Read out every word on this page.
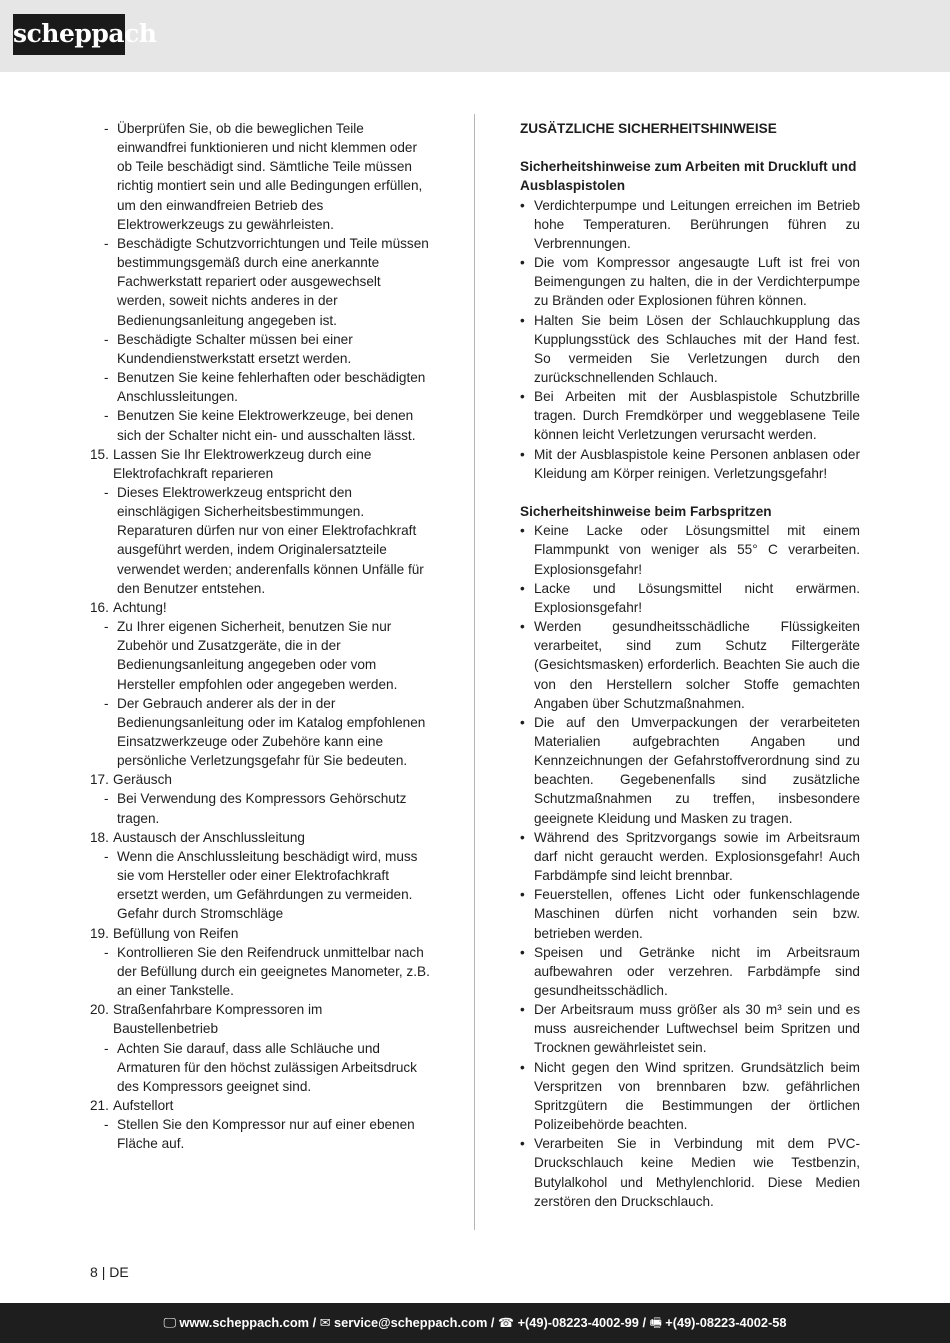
scheppach
- Überprüfen Sie, ob die beweglichen Teile einwandfrei funktionieren und nicht klemmen oder ob Teile beschädigt sind. Sämtliche Teile müssen richtig montiert sein und alle Bedingungen erfüllen, um den einwandfreien Betrieb des Elektrowerkzeugs zu gewährleisten.
- Beschädigte Schutzvorrichtungen und Teile müssen bestimmungsgemäß durch eine anerkannte Fachwerkstatt repariert oder ausgewechselt werden, soweit nichts anderes in der Bedienungsanleitung angegeben ist.
- Beschädigte Schalter müssen bei einer Kundendienstwerkstatt ersetzt werden.
- Benutzen Sie keine fehlerhaften oder beschädigten Anschlussleitungen.
- Benutzen Sie keine Elektrowerkzeuge, bei denen sich der Schalter nicht ein- und ausschalten lässt.
15. Lassen Sie Ihr Elektrowerkzeug durch eine Elektrofachkraft reparieren
- Dieses Elektrowerkzeug entspricht den einschlägigen Sicherheitsbestimmungen. Reparaturen dürfen nur von einer Elektrofachkraft ausgeführt werden, indem Originalersatzteile verwendet werden; anderenfalls können Unfälle für den Benutzer entstehen.
16. Achtung!
- Zu Ihrer eigenen Sicherheit, benutzen Sie nur Zubehör und Zusatzgeräte, die in der Bedienungsanleitung angegeben oder vom Hersteller empfohlen oder angegeben werden.
- Der Gebrauch anderer als der in der Bedienungsanleitung oder im Katalog empfohlenen Einsatzwerkzeuge oder Zubehöre kann eine persönliche Verletzungsgefahr für Sie bedeuten.
17. Geräusch
- Bei Verwendung des Kompressors Gehörschutz tragen.
18. Austausch der Anschlussleitung
- Wenn die Anschlussleitung beschädigt wird, muss sie vom Hersteller oder einer Elektrofachkraft ersetzt werden, um Gefährdungen zu vermeiden. Gefahr durch Stromschläge
19. Befüllung von Reifen
- Kontrollieren Sie den Reifendruck unmittelbar nach der Befüllung durch ein geeignetes Manometer, z.B. an einer Tankstelle.
20. Straßenfahrbare Kompressoren im Baustellenbetrieb
- Achten Sie darauf, dass alle Schläuche und Armaturen für den höchst zulässigen Arbeitsdruck des Kompressors geeignet sind.
21. Aufstellort
- Stellen Sie den Kompressor nur auf einer ebenen Fläche auf.
ZUSÄTZLICHE SICHERHEITSHINWEISE
Sicherheitshinweise zum Arbeiten mit Druckluft und Ausblaspistolen
• Verdichterpumpe und Leitungen erreichen im Betrieb hohe Temperaturen. Berührungen führen zu Verbrennungen.
• Die vom Kompressor angesaugte Luft ist frei von Beimengungen zu halten, die in der Verdichterpumpe zu Bränden oder Explosionen führen können.
• Halten Sie beim Lösen der Schlauchkupplung das Kupplungsstück des Schlauches mit der Hand fest. So vermeiden Sie Verletzungen durch den zurückschnellenden Schlauch.
• Bei Arbeiten mit der Ausblaspistole Schutzbrille tragen. Durch Fremdkörper und weggeblasene Teile können leicht Verletzungen verursacht werden.
• Mit der Ausblaspistole keine Personen anblasen oder Kleidung am Körper reinigen. Verletzungsgefahr!
Sicherheitshinweise beim Farbspritzen
• Keine Lacke oder Lösungsmittel mit einem Flammpunkt von weniger als 55° C verarbeiten. Explosionsgefahr!
• Lacke und Lösungsmittel nicht erwärmen. Explosionsgefahr!
• Werden gesundheitsschädliche Flüssigkeiten verarbeitet, sind zum Schutz Filtergeräte (Gesichtsmasken) erforderlich. Beachten Sie auch die von den Herstellern solcher Stoffe gemachten Angaben über Schutzmaßnahmen.
• Die auf den Umverpackungen der verarbeiteten Materialien aufgebrachten Angaben und Kennzeichnungen der Gefahrstoffverordnung sind zu beachten. Gegebenenfalls sind zusätzliche Schutzmaßnahmen zu treffen, insbesondere geeignete Kleidung und Masken zu tragen.
• Während des Spritzvorgangs sowie im Arbeitsraum darf nicht geraucht werden. Explosionsgefahr! Auch Farbdämpfe sind leicht brennbar.
• Feuerstellen, offenes Licht oder funkenschlagende Maschinen dürfen nicht vorhanden sein bzw. betrieben werden.
• Speisen und Getränke nicht im Arbeitsraum aufbewahren oder verzehren. Farbdämpfe sind gesundheitsschädlich.
• Der Arbeitsraum muss größer als 30 m³ sein und es muss ausreichender Luftwechsel beim Spritzen und Trocknen gewährleistet sein.
• Nicht gegen den Wind spritzen. Grundsätzlich beim Verspritzen von brennbaren bzw. gefährlichen Spritzgütern die Bestimmungen der örtlichen Polizeibehörde beachten.
• Verarbeiten Sie in Verbindung mit dem PVC-Druckschlauch keine Medien wie Testbenzin, Butylalkohol und Methylenchlorid. Diese Medien zerstören den Druckschlauch.
8 | DE
🖵 www.scheppach.com / ✉ service@scheppach.com / ☎ +(49)-08223-4002-99 / 🖷 +(49)-08223-4002-58
